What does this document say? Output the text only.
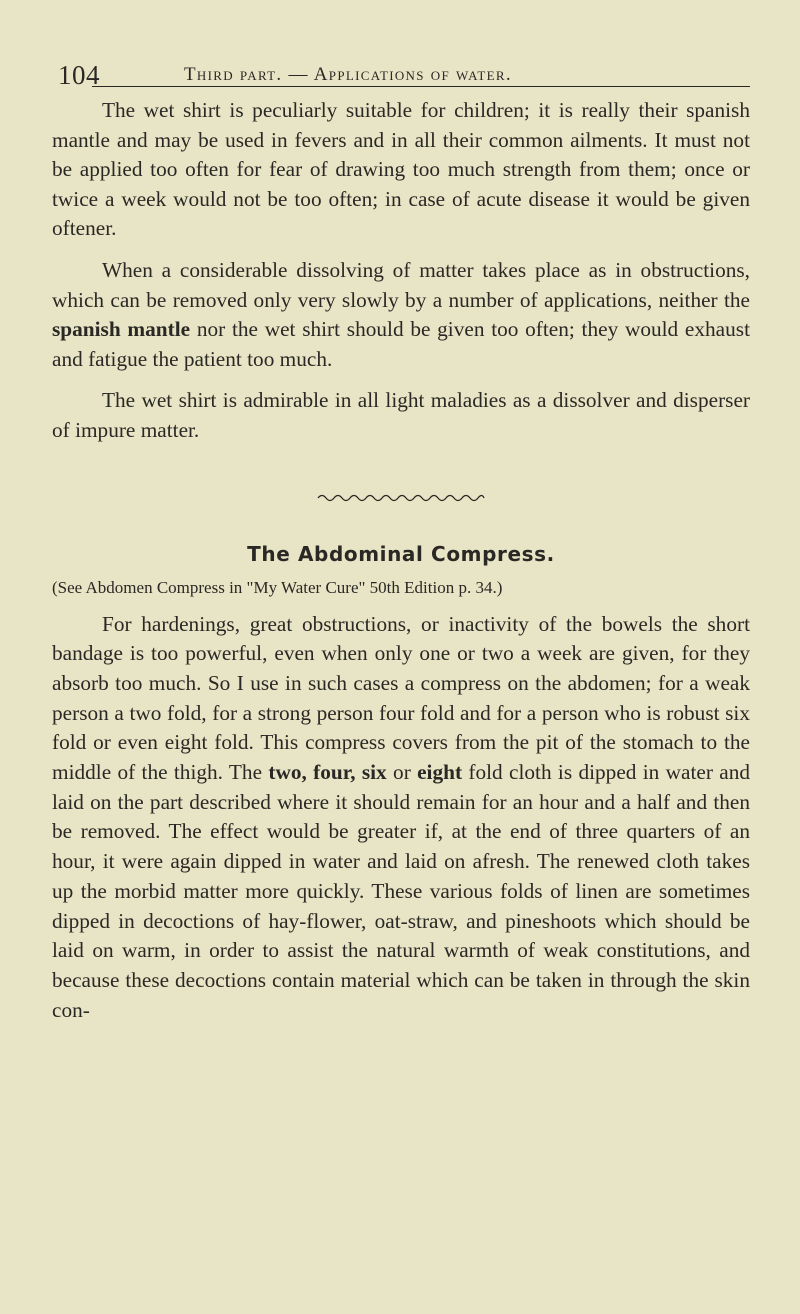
104	Third part. — Applications of water.

The wet shirt is peculiarly suitable for children; it is really their spanish mantle and may be used in fevers and in all their common ailments. It must not be applied too often for fear of drawing too much strength from them; once or twice a week would not be too often; in case of acute disease it would be given oftener.

When a considerable dissolving of matter takes place as in obstructions, which can be removed only very slowly by a number of applications, neither the spanish mantle nor the wet shirt should be given too often; they would exhaust and fatigue the patient too much.

The wet shirt is admirable in all light maladies as a dissolver and disperser of impure matter.

The Abdominal Compress.

(See Abdomen Compress in "My Water Cure" 50th Edition p. 34.)

For hardenings, great obstructions, or inactivity of the bowels the short bandage is too powerful, even when only one or two a week are given, for they absorb too much. So I use in such cases a compress on the abdomen; for a weak person a two fold, for a strong person four fold and for a person who is robust six fold or even eight fold. This compress covers from the pit of the stomach to the middle of the thigh. The two, four, six or eight fold cloth is dipped in water and laid on the part described where it should remain for an hour and a half and then be removed. The effect would be greater if, at the end of three quarters of an hour, it were again dipped in water and laid on afresh. The renewed cloth takes up the morbid matter more quickly. These various folds of linen are sometimes dipped in decoctions of hay-flower, oat-straw, and pineshoots which should be laid on warm, in order to assist the natural warmth of weak constitutions, and because these decoctions contain material which can be taken in through the skin con-
